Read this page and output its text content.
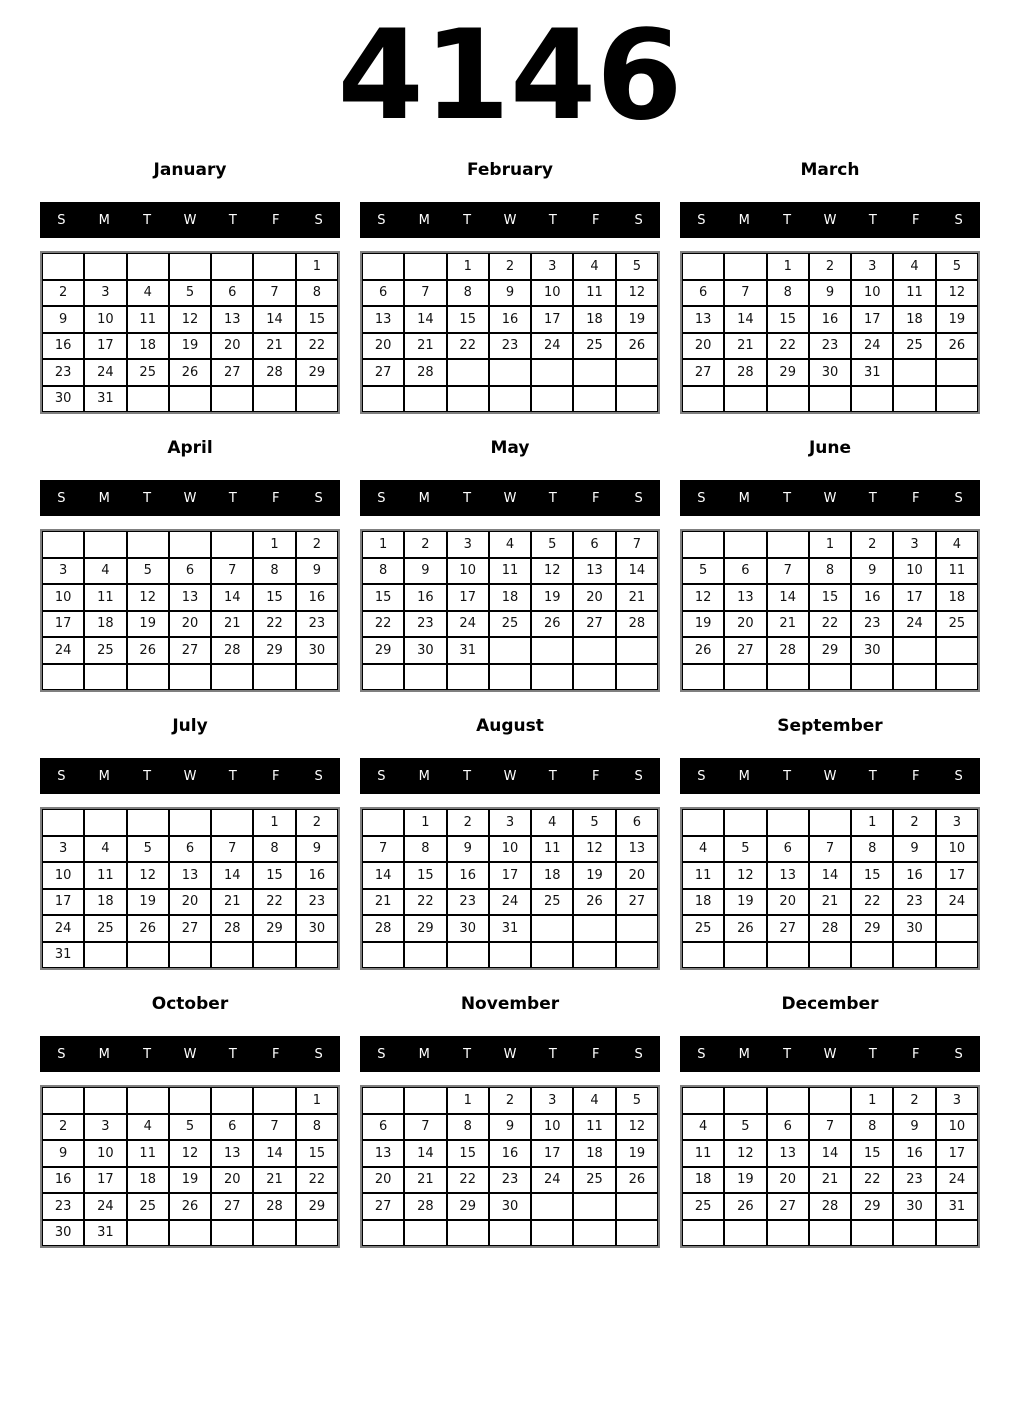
4146
January
S	M	T	W	T	F	S
						1
2	3	4	5	6	7	8
9	10	11	12	13	14	15
16	17	18	19	20	21	22
23	24	25	26	27	28	29
30	31					
February
S	M	T	W	T	F	S
		1	2	3	4	5
6	7	8	9	10	11	12
13	14	15	16	17	18	19
20	21	22	23	24	25	26
27	28					

March
S	M	T	W	T	F	S
		1	2	3	4	5
6	7	8	9	10	11	12
13	14	15	16	17	18	19
20	21	22	23	24	25	26
27	28	29	30	31		

April
S	M	T	W	T	F	S
					1	2
3	4	5	6	7	8	9
10	11	12	13	14	15	16
17	18	19	20	21	22	23
24	25	26	27	28	29	30

May
S	M	T	W	T	F	S
1	2	3	4	5	6	7
8	9	10	11	12	13	14
15	16	17	18	19	20	21
22	23	24	25	26	27	28
29	30	31				

June
S	M	T	W	T	F	S
			1	2	3	4
5	6	7	8	9	10	11
12	13	14	15	16	17	18
19	20	21	22	23	24	25
26	27	28	29	30		

July
S	M	T	W	T	F	S
					1	2
3	4	5	6	7	8	9
10	11	12	13	14	15	16
17	18	19	20	21	22	23
24	25	26	27	28	29	30
31						
August
S	M	T	W	T	F	S
	1	2	3	4	5	6
7	8	9	10	11	12	13
14	15	16	17	18	19	20
21	22	23	24	25	26	27
28	29	30	31			

September
S	M	T	W	T	F	S
				1	2	3
4	5	6	7	8	9	10
11	12	13	14	15	16	17
18	19	20	21	22	23	24
25	26	27	28	29	30	

October
S	M	T	W	T	F	S
						1
2	3	4	5	6	7	8
9	10	11	12	13	14	15
16	17	18	19	20	21	22
23	24	25	26	27	28	29
30	31					
November
S	M	T	W	T	F	S
		1	2	3	4	5
6	7	8	9	10	11	12
13	14	15	16	17	18	19
20	21	22	23	24	25	26
27	28	29	30			

December
S	M	T	W	T	F	S
				1	2	3
4	5	6	7	8	9	10
11	12	13	14	15	16	17
18	19	20	21	22	23	24
25	26	27	28	29	30	31
